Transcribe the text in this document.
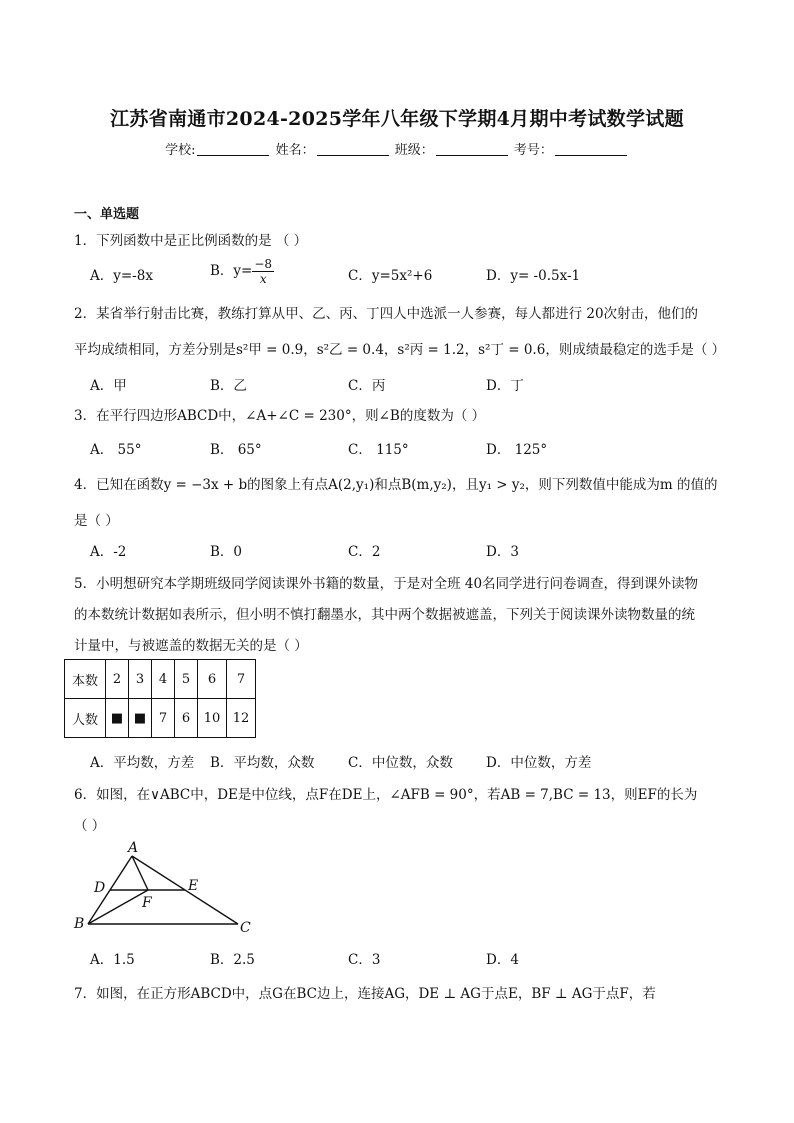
江苏省南通市2024-2025学年八年级下学期4月期中考试数学试题
学校:	姓名：	班级：	考号：
一、单选题
1．下列函数中是正比例函数的是 （ ）
A．y=-8x	B．$y= \frac{-8}{x}$	C．y=5x²+6	D．y= -0.5x-1
2．某省举行射击比赛，教练打算从甲、乙、丙、丁四人中选派一人参赛，每人都进行 20次射击，他们的
平均成绩相同，方差分别是s²甲 = 0.9，s²乙 = 0.4，s²丙 = 1.2，s²丁 = 0.6，则成绩最稳定的选手是（ ）
A．甲	B．乙	C．丙	D．丁
3．在平行四边形ABCD中，∠A+∠C = 230°，则∠B的度数为（ ）
A． 55°	B． 65°	C． 115°	D． 125°
4．已知在函数y = −3x + b的图象上有点A(2,y₁)和点B(m,y₂)，且y₁ > y₂，则下列数值中能成为m 的值的
是（ ）
A．-2	B．0	C．2	D．3
5．小明想研究本学期班级同学阅读课外书籍的数量，于是对全班 40名同学进行问卷调查，得到课外读物
的本数统计数据如表所示，但小明不慎打翻墨水，其中两个数据被遮盖，下列关于阅读课外读物数量的统
计量中，与被遮盖的数据无关的是（ ）
本数	2	3	4	5	6	7
人数	■	■	7	6	10	12
A．平均数，方差 B．平均数，众数 C．中位数，众数 D．中位数，方差
6．如图，在∨ABC中，DE是中位线，点F在DE上，∠AFB = 90°，若AB = 7,BC = 13，则EF的长为
（ ）
A
D	E
F
B	C
A．1.5	B．2.5	C．3	D．4
7．如图，在正方形ABCD中，点G在BC边上，连接AG，DE ⊥ AG于点E，BF ⊥ AG于点F，若
